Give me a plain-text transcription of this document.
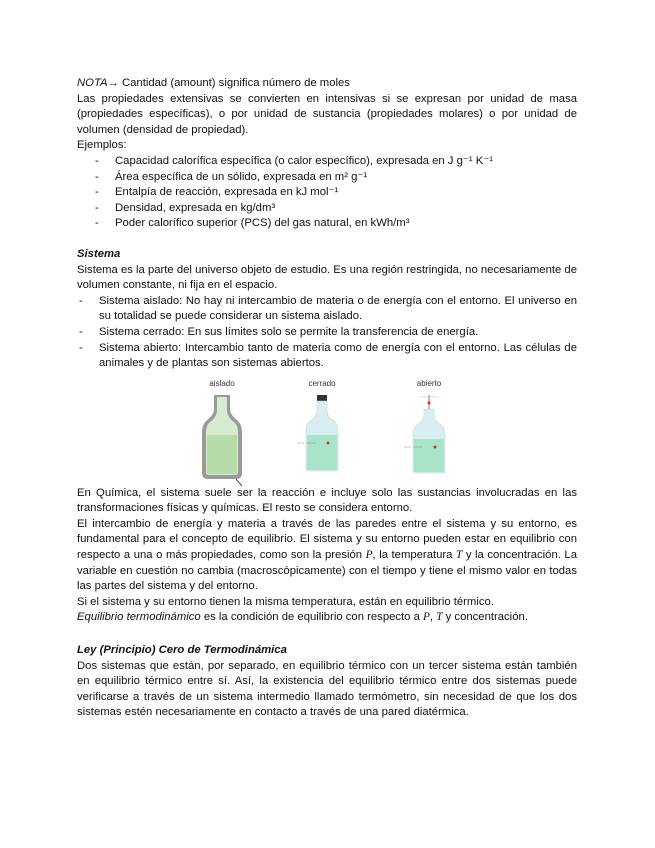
NOTA→ Cantidad (amount) significa número de moles

Las propiedades extensivas se convierten en intensivas si se expresan por unidad de masa (propiedades específicas), o por unidad de sustancia (propiedades molares) o por unidad de volumen (densidad de propiedad).

Ejemplos:

- Capacidad calorífica específica (o calor específico), expresada en J g⁻¹ K⁻¹
- Área específica de un sólido, expresada en m² g⁻¹
- Entalpía de reacción, expresada en kJ mol⁻¹
- Densidad, expresada en kg/dm³
- Poder calorífico superior (PCS) del gas natural, en kWh/m³

Sistema

Sistema es la parte del universo objeto de estudio. Es una región restringida, no necesariamente de volumen constante, ni fija en el espacio.

- Sistema aislado: No hay ni intercambio de materia o de energía con el entorno. El universo en su totalidad se puede considerar un sistema aislado.
- Sistema cerrado: En sus límites solo se permite la transferencia de energía.
- Sistema abierto: Intercambio tanto de materia como de energía con el entorno. Las células de animales y de plantas son sistemas abiertos.
aislado	cerrado	abierto

En Química, el sistema suele ser la reacción e incluye solo las sustancias involucradas en las transformaciones físicas y químicas. El resto se considera entorno.

El intercambio de energía y materia a través de las paredes entre el sistema y su entorno, es fundamental para el concepto de equilibrio. El sistema y su entorno pueden estar en equilibrio con respecto a una o más propiedades, como son la presión P, la temperatura T y la concentración. La variable en cuestión no cambia (macroscópicamente) con el tiempo y tiene el mismo valor en todas las partes del sistema y del entorno.

Si el sistema y su entorno tienen la misma temperatura, están en equilibrio térmico.

Equilibrio termodinámico es la condición de equilibrio con respecto a P, T y concentración.

Ley (Principio) Cero de Termodinámica

Dos sistemas que están, por separado, en equilibrio térmico con un tercer sistema están también en equilibrio térmico entre sí. Así, la existencia del equilibrio térmico entre dos sistemas puede verificarse a través de un sistema intermedio llamado termómetro, sin necesidad de que los dos sistemas estén necesariamente en contacto a través de una pared diatérmica.
